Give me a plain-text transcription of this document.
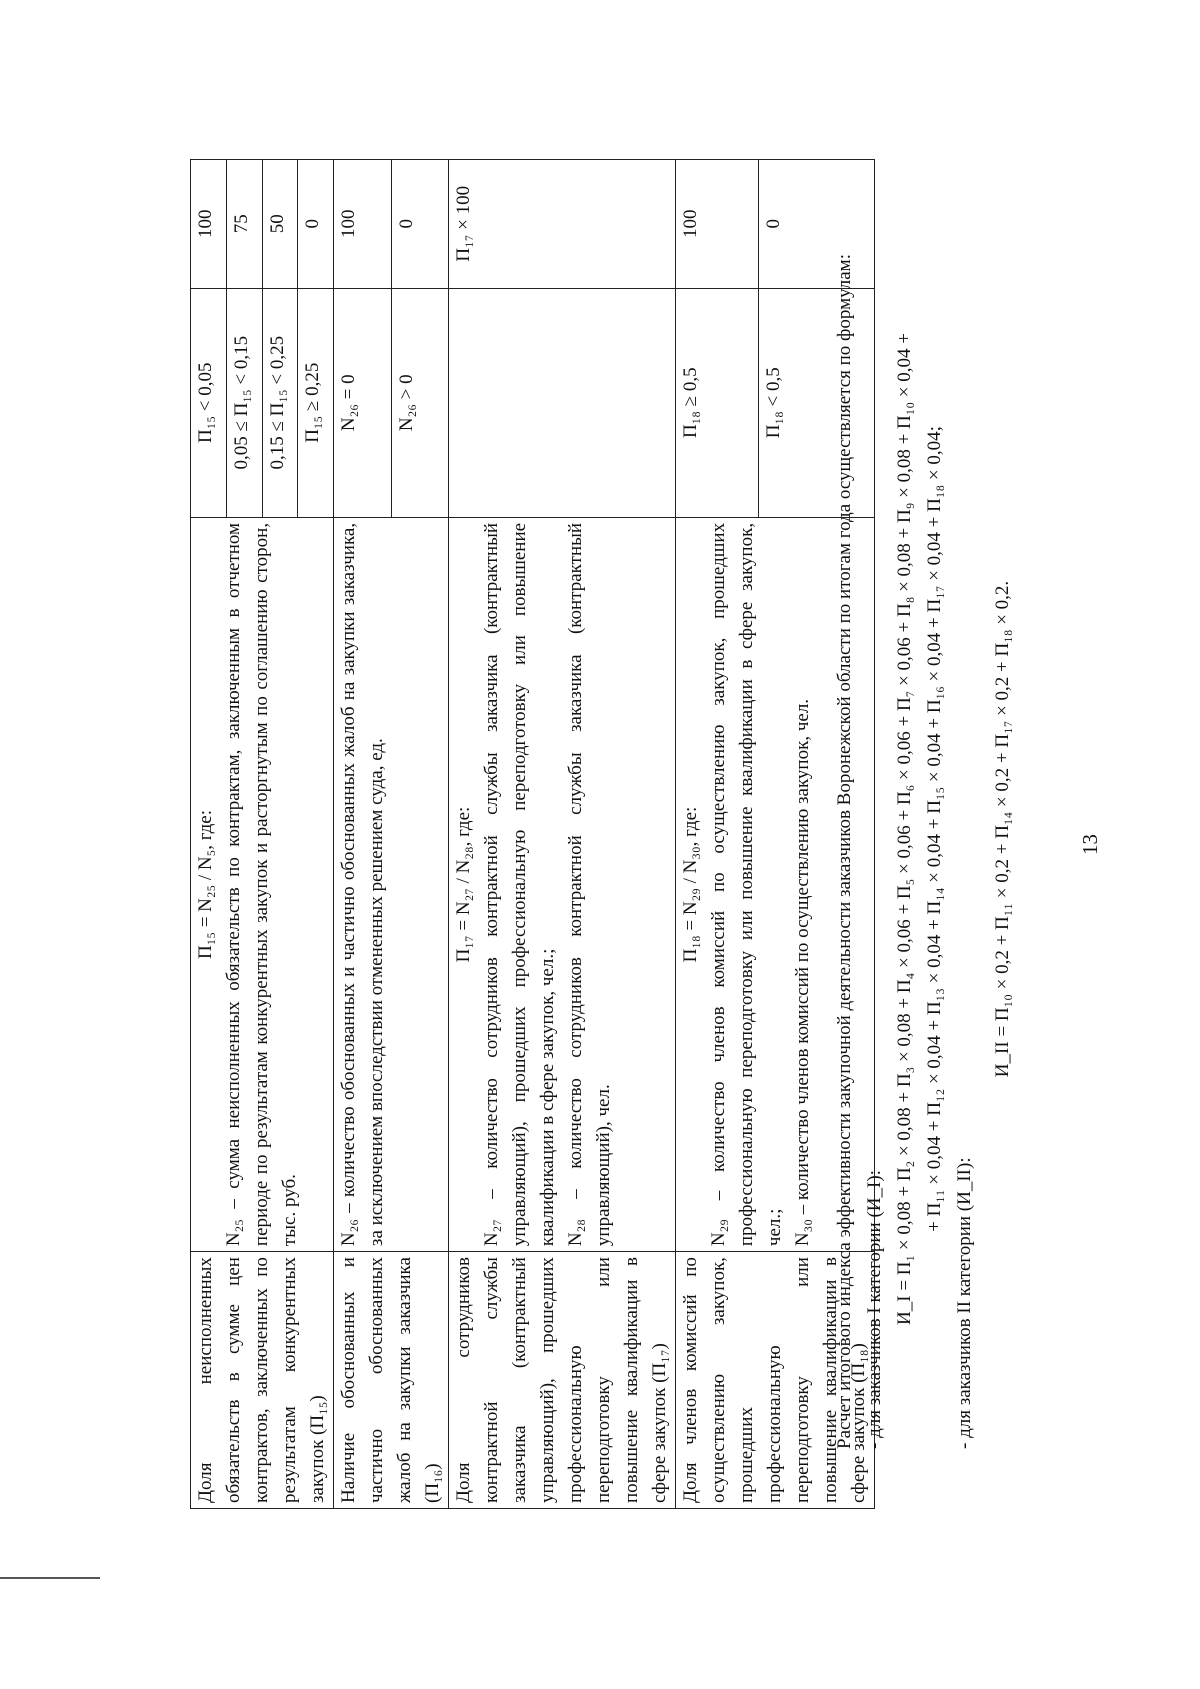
13
Доля неисполненных обязательств в сумме цен контрактов, заключенных по результатам конкурентных закупок (П₁₅)	П₁₅ = N₂₅ / N₅, где: N₂₅ – сумма неисполненных обязательств по контрактам, заключенным в отчетном периоде по результатам конкурентных закупок и расторгнутым по соглашению сторон, тыс. руб.	П₁₅ < 0,05	100
		0,05 ≤ П₁₅ < 0,15	75
		0,15 ≤ П₁₅ < 0,25	50
		П₁₅ ≥ 0,25	0
Наличие обоснованных и частично обоснованных жалоб на закупки заказчика (П₁₆)	N₂₆ – количество обоснованных и частично обоснованных жалоб на закупки заказчика, за исключением впоследствии отмененных решением суда, ед.	N₂₆ = 0	100
		N₂₆ > 0	0
Доля сотрудников контрактной службы заказчика (контрактный управляющий), прошедших профессиональную переподготовку или повышение квалификации в сфере закупок (П₁₇)	П₁₇ = N₂₇ / N₂₈, где: N₂₇ – количество сотрудников контрактной службы заказчика (контрактный управляющий), прошедших профессиональную переподготовку или повышение квалификации в сфере закупок, чел.; N₂₈ – количество сотрудников контрактной службы заказчика (контрактный управляющий), чел.		П₁₇ × 100
Доля членов комиссий по осуществлению закупок, прошедших профессиональную переподготовку или повышение квалификации в сфере закупок (П₁₈)	П₁₈ = N₂₉ / N₃₀, где: N₂₉ – количество членов комиссий по осуществлению закупок, прошедших профессиональную переподготовку или повышение квалификации в сфере закупок, чел.; N₃₀ – количество членов комиссий по осуществлению закупок, чел.	П₁₈ ≥ 0,5	100
		П₁₈ < 0,5	0

Расчет итогового индекса эффективности закупочной деятельности заказчиков Воронежской области по итогам года осуществляется по формулам: - для заказчиков I категории (И_I): И_I = П₁ × 0,08 + П₂ × 0,08 + П₃ × 0,08 + П₄ × 0,06 + П₅ × 0,06 + П₆ × 0,06 + П₇ × 0,06 + П₈ × 0,08 + П₉ × 0,08 + П₁₀ × 0,04 + + П₁₁ × 0,04 + П₁₂ × 0,04 + П₁₃ × 0,04 + П₁₄ × 0,04 + П₁₅ × 0,04 + П₁₆ × 0,04 + П₁₇ × 0,04 + П₁₈ × 0,04;

- для заказчиков II категории (И_II):

И_II = П₁₀ × 0,2 + П₁₁ × 0,2 + П₁₄ × 0,2 + П₁₇ × 0,2 + П₁₈ × 0,2.
